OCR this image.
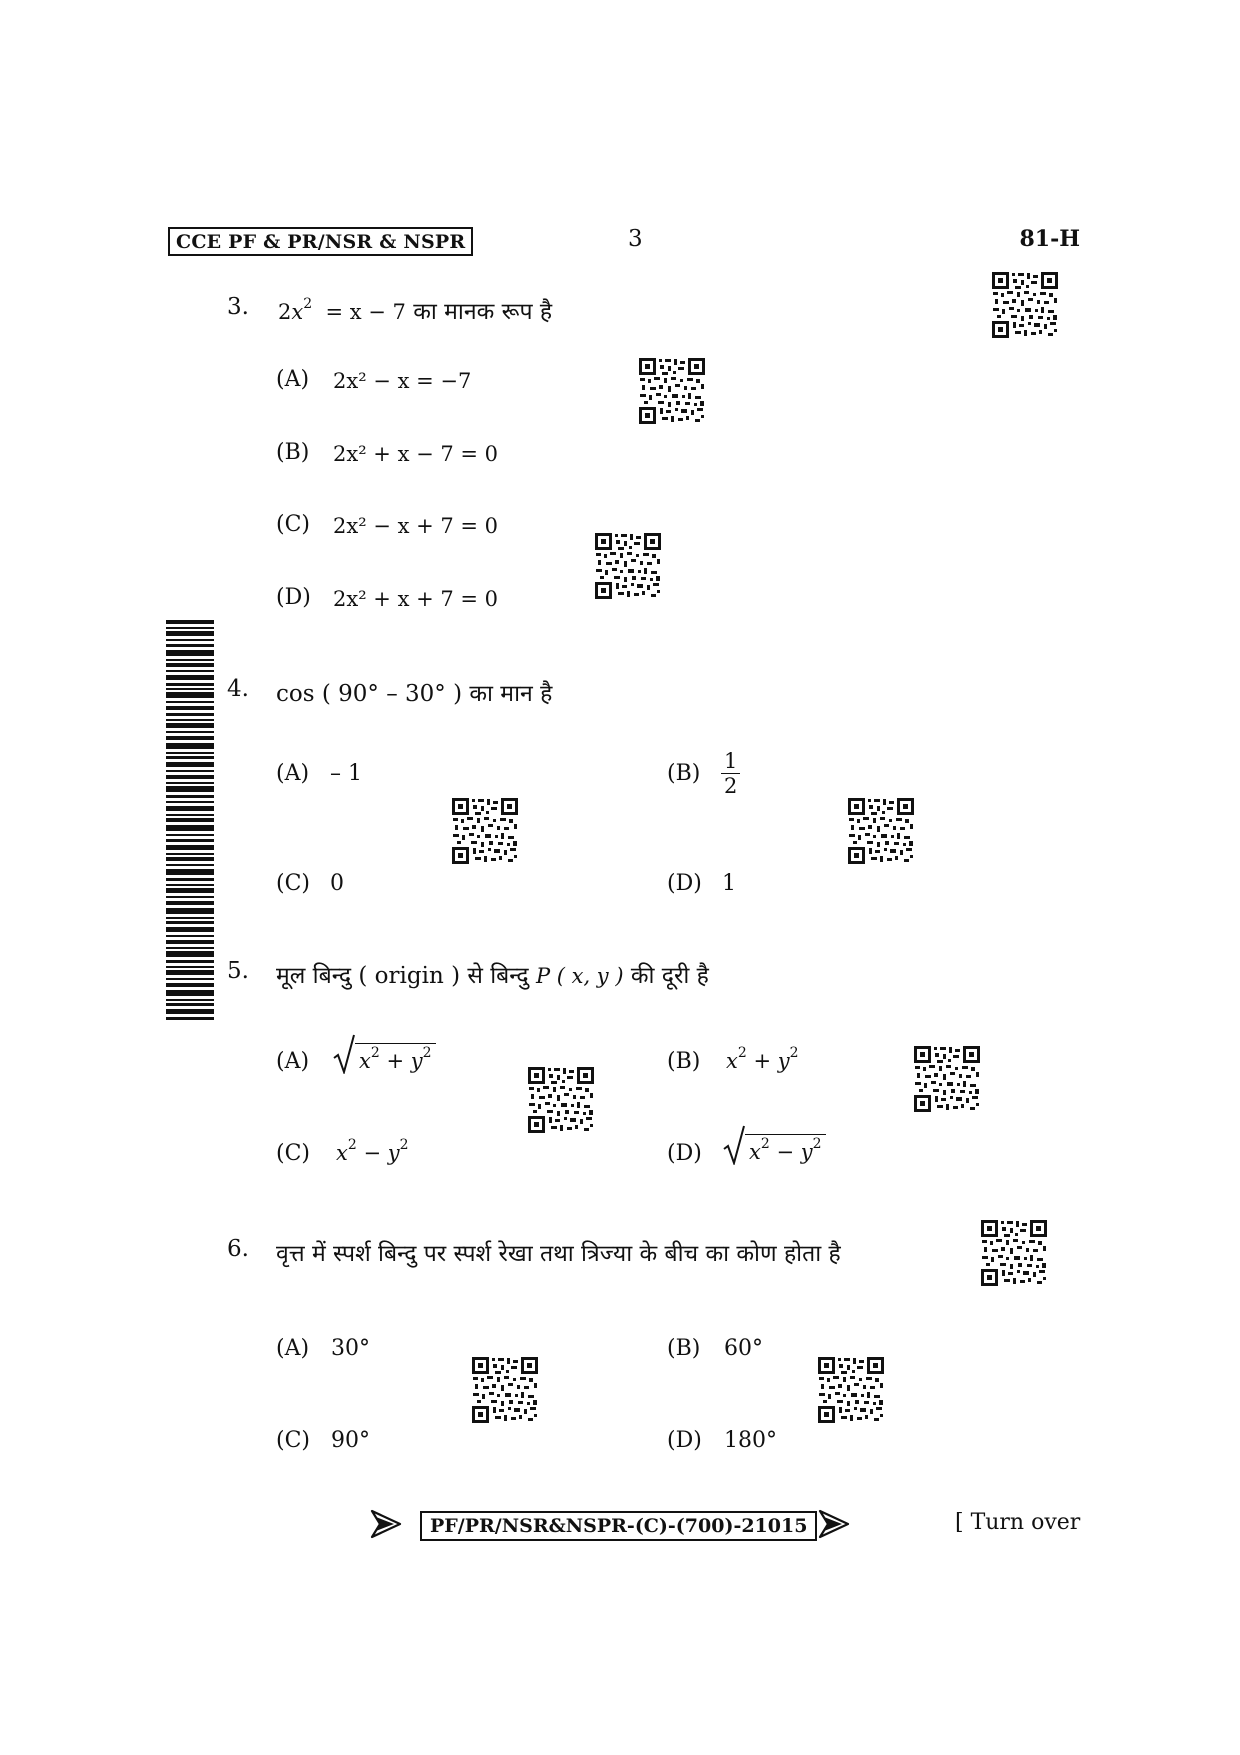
CCE PF & PR/NSR & NSPR	3	81-H
3. $2x^2 = x - 7$ का मानक रूप है
(A) 2x² − x = −7
(B) 2x² + x − 7 = 0
(C) 2x² − x + 7 = 0
(D) 2x² + x + 7 = 0
4. cos ( 90° – 30° ) का मान है
(A) – 1	$(B) \frac{1}{2}$
(C) 0	(D) 1
5. मूल बिन्दु ( origin ) से बिन्दु P ( x, y ) की दूरी है
(A) $x^2 + y^2$	(B) $x^2 + y^2$
(C) $x^2 - y^2$	(D) $x^2 - y^2$
6. वृत्त में स्पर्श बिन्दु पर स्पर्श रेखा तथा त्रिज्या के बीच का कोण होता है
(A) 30°	(B) 60°
(C) 90°	(D) 180°
PF/PR/NSR&NSPR-(C)-(700)-21015	[ Turn over
